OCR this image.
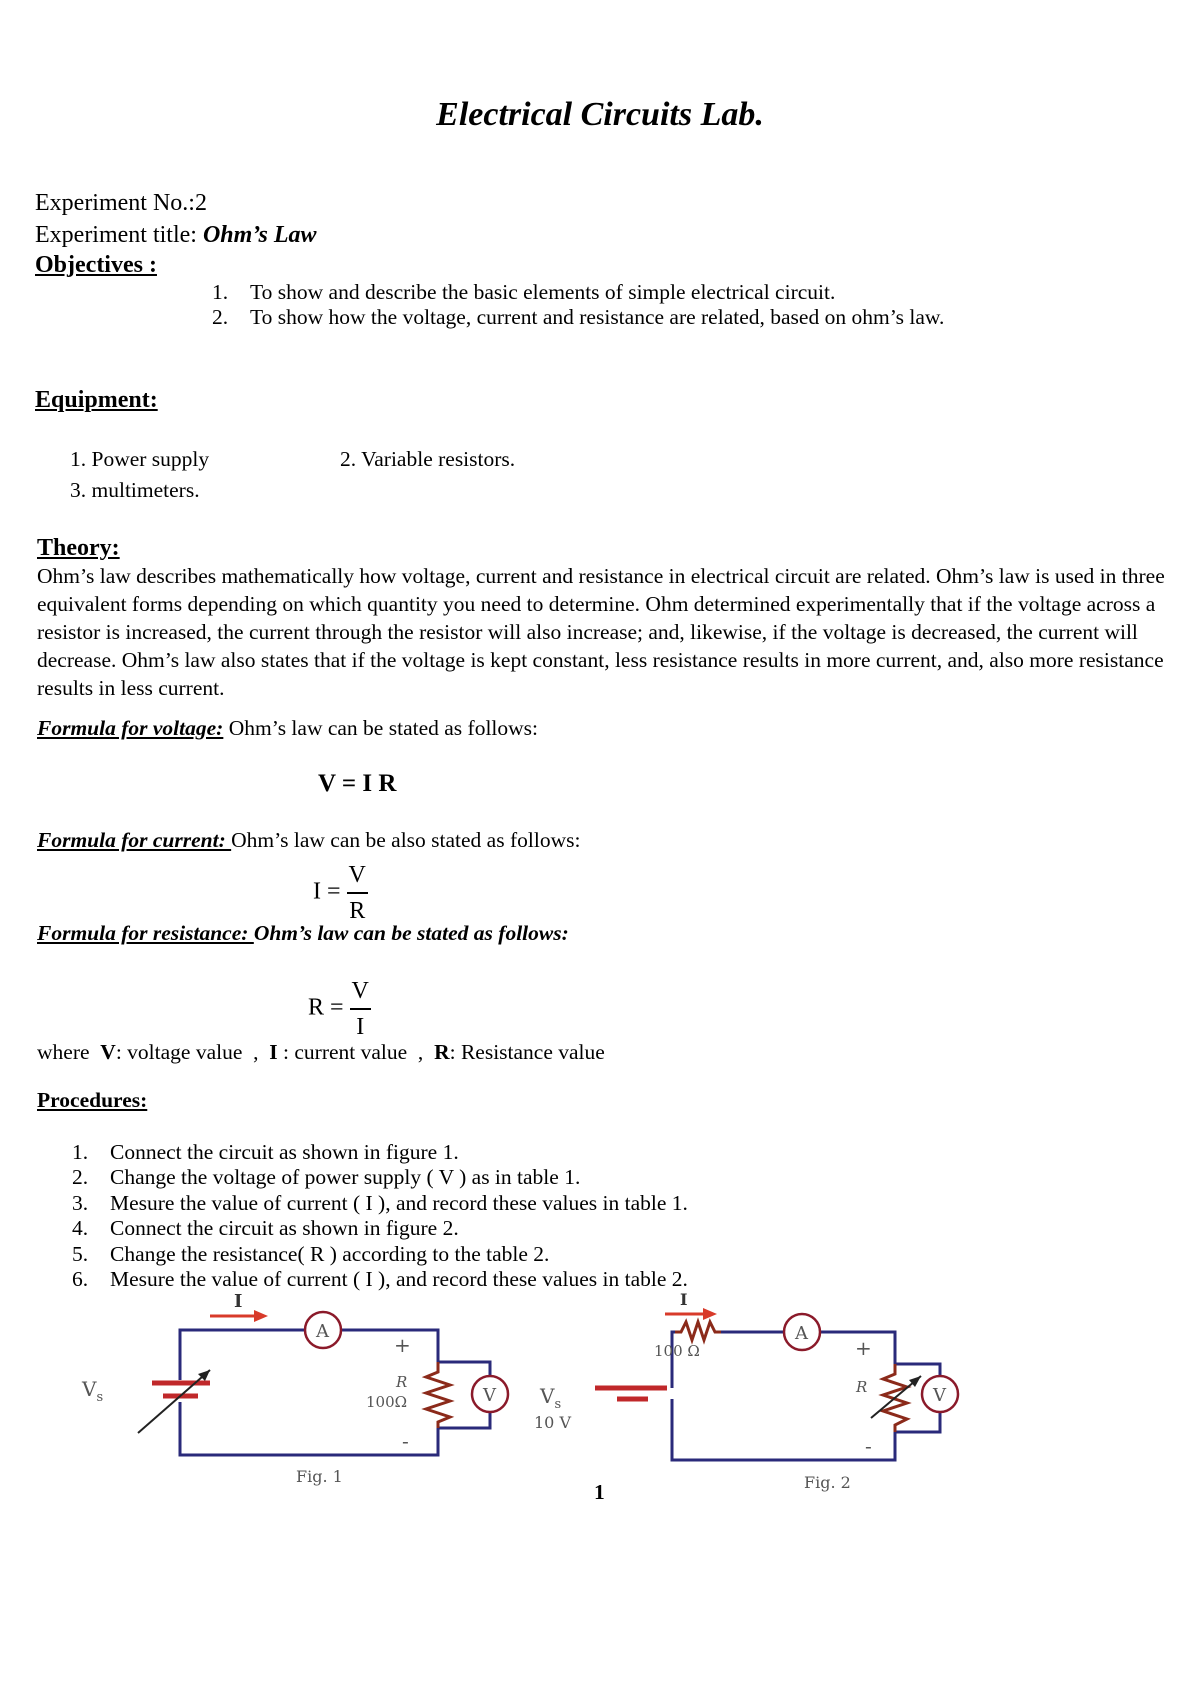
Electrical Circuits Lab.
Experiment No.:2
Experiment title: Ohm’s Law
Objectives :
1. To show and describe the basic elements of simple electrical circuit.
2. To show how the voltage, current and resistance are related, based on ohm’s law.
Equipment:
1. Power supply	2. Variable resistors.
3. multimeters.
Theory:
Ohm’s law describes mathematically how voltage, current and resistance in electrical circuit are related. Ohm’s law is used in three equivalent forms depending on which quantity you need to determine. Ohm determined experimentally that if the voltage across a resistor is increased, the current through the resistor will also increase; and, likewise, if the voltage is decreased, the current will decrease. Ohm’s law also states that if the voltage is kept constant, less resistance results in more current, and, also more resistance results in less current.
Formula for voltage: Ohm’s law can be stated as follows:
V = I R
Formula for current: Ohm’s law can be also stated as follows:
$I = \frac{V}{R}$
Formula for resistance: Ohm’s law can be stated as follows:
$R = \frac{V}{I}$
where  V: voltage value  ,  I : current value  ,  R: Resistance value
Procedures:
1. Connect the circuit as shown in figure 1.
2. Change the voltage of power supply ( V ) as in table 1.
3. Mesure the value of current ( I ), and record these values in table 1.
4. Connect the circuit as shown in figure 2.
5. Change the resistance( R ) according to the table 2.
6. Mesure the value of current ( I ), and record these values in table 2.
$V_s$
I
A
R
100Ω
+
-
V
Fig. 1
$V_s$
10 V
100 Ω
I
A
R
+
-
V
Fig. 2
1
